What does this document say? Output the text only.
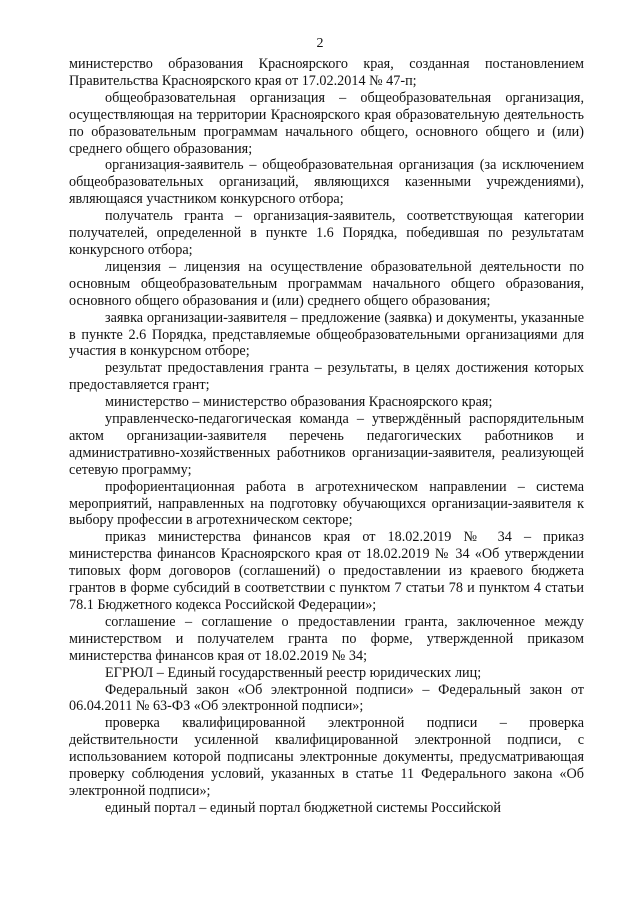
2

министерство образования Красноярского края, созданная постановлением Правительства Красноярского края от 17.02.2014 № 47-п;

общеобразовательная организация – общеобразовательная организация, осуществляющая на территории Красноярского края образовательную деятельность по образовательным программам начального общего, основного общего и (или) среднего общего образования;

организация-заявитель – общеобразовательная организация (за исключением общеобразовательных организаций, являющихся казенными учреждениями), являющаяся участником конкурсного отбора;

получатель гранта – организация-заявитель, соответствующая категории получателей, определенной в пункте 1.6 Порядка, победившая по результатам конкурсного отбора;

лицензия – лицензия на осуществление образовательной деятельности по основным общеобразовательным программам начального общего образования, основного общего образования и (или) среднего общего образования;

заявка организации-заявителя – предложение (заявка) и документы, указанные в пункте 2.6 Порядка, представляемые общеобразовательными организациями для участия в конкурсном отборе;

результат предоставления гранта – результаты, в целях достижения которых предоставляется грант;

министерство – министерство образования Красноярского края;

управленческо-педагогическая команда – утверждённый распорядительным актом организации-заявителя перечень педагогических работников и административно-хозяйственных работников организации-заявителя, реализующей сетевую программу;

профориентационная работа в агротехническом направлении – система мероприятий, направленных на подготовку обучающихся организации-заявителя к выбору профессии в агротехническом секторе;

приказ министерства финансов края от 18.02.2019 № 34 – приказ министерства финансов Красноярского края от 18.02.2019 № 34 «Об утверждении типовых форм договоров (соглашений) о предоставлении из краевого бюджета грантов в форме субсидий в соответствии с пунктом 7 статьи 78 и пунктом 4 статьи 78.1 Бюджетного кодекса Российской Федерации»;

соглашение – соглашение о предоставлении гранта, заключенное между министерством и получателем гранта по форме, утвержденной приказом министерства финансов края от 18.02.2019 № 34;

ЕГРЮЛ – Единый государственный реестр юридических лиц;

Федеральный закон «Об электронной подписи» – Федеральный закон от 06.04.2011 № 63-ФЗ «Об электронной подписи»;

проверка квалифицированной электронной подписи – проверка действительности усиленной квалифицированной электронной подписи, с использованием которой подписаны электронные документы, предусматривающая проверку соблюдения условий, указанных в статье 11 Федерального закона «Об электронной подписи»;

единый портал – единый портал бюджетной системы Российской
